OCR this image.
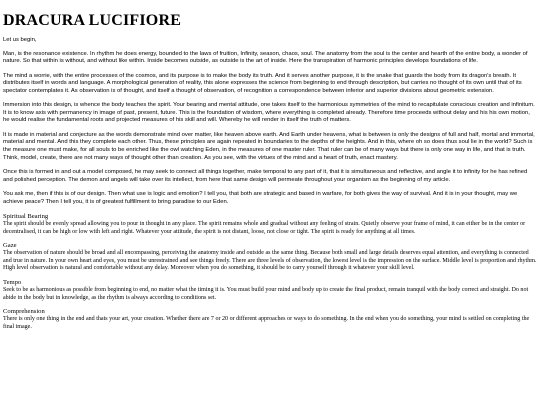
DRACURA LUCIFIORE

Let us begin,

Man, is the resonance existence. In rhythm he does energy, bounded to the laws of fruition, Infinity, season, chaos, soul. The anatomy from the soul is the center and hearth of the entire body, a wonder of nature. So that within is without, and without like within. Inside becomes outside, as outside is the art of inside. Here the transpiration of harmonic principles develops foundations of life.

The mind a worrie, with the entire processes of the cosmos, and its purpose is to make the body its truth. And it serves another purpose, it is the snake that guards the body from its dragon's breath. It distributes itself in words and language. A morphological generation of reality, this alone expresses the science from beginning to end through description, but carries no thought of its own until that of its spectator contemplates it. As observation is of thought, and itself a thought of observation, of recognition a correspondence between inferior and superior divisions about geometric extension.

Immersion into this design, is whence the body teaches the spirit. Your bearing and mental attitude, one takes itself to the harmonious symmetries of the mind to recapitulate conscious creation and infinitum. It is to know axis with permanency in image of past, present, future. This is the foundation of wisdom, where everything is completed already. Therefore time proceeds without delay and his his own motion, he would realise the fundamental roots and projected measures of his skill and will. Whereby he will render in itself the truth of matters.

It is made in material and conjecture as the words demonstrate mind over matter, like heaven above earth. And Earth under heavens, what is between is only the designs of full and half, mortal and immortal, material and mental. And this they complete each other. Thus, these principles are again repeated in boundaries to the depths of the heights. And in this, where oh so does thus soul lie in the world? Such is the measure one must make, for all souls to be enriched like the owl watching Eden, in the measures of one master ruler. That ruler can be of many ways but there is only one way in life, and that is truth. Think, model, create, there are not many ways of thought other than creation. As you see, with the virtues of the mind and a heart of truth, enact mastery.

Once this is formed in and out a model composed, he may seek to connect all things together, make temporal to any part of it, that it is simultaneous and reflective, and angle it to infinity for he has refined and polished perception. The demon and angels will take over its intellect, from here that same design will permeate throughout your organism as the beginning of my article.

You ask me, then if this is of our design. Then what use is logic and emotion? I tell you, that both are strategic and based in warfare, for both gives the way of survival. And it is in your thought, may we achieve peace? Then I tell you, it is of greatest fulfillment to bring paradise to our Eden.

Spiritual Bearing

The spirit should be evenly spread allowing you to pour in thought in any place. The spirit remains whole and gradual without any feeling of strain. Quietly observe your frame of mind, it can either be in the center or decentralised, it can be high or low with left and right. Whatever your attitude, the spirit is not distant, loose, not close or tight. The spirit is ready for anything at all times.

Gaze

The observation of nature should be broad and all encompassing, perceiving the anatomy inside and outside as the same thing. Because both small and large details deserves equal attention, and everything is connected and true in nature. In your own heart and eyes, you must be unrestrained and see things freely. There are three levels of observation, the lowest level is the impression on the surface. Middle level is proportion and rhythm. High level observation is natural and comfortable without any delay. Moreover when you do something, it should be to carry yourself through it whatever your skill level.

Tempo

Seek to be as harmonious as possible from beginning to end, no matter what the timing it is. You must build your mind and body up to create the final product, remain tranquil with the body correct and straight. Do not abide in the body but in knowledge, as the rhythm is always according to conditions set.

Comprehension

There is only one thing in the end and thats your art, your creation. Whether there are 7 or 20 or different approaches or ways to do something. In the end when you do something, your mind is settled on completing the final image.
